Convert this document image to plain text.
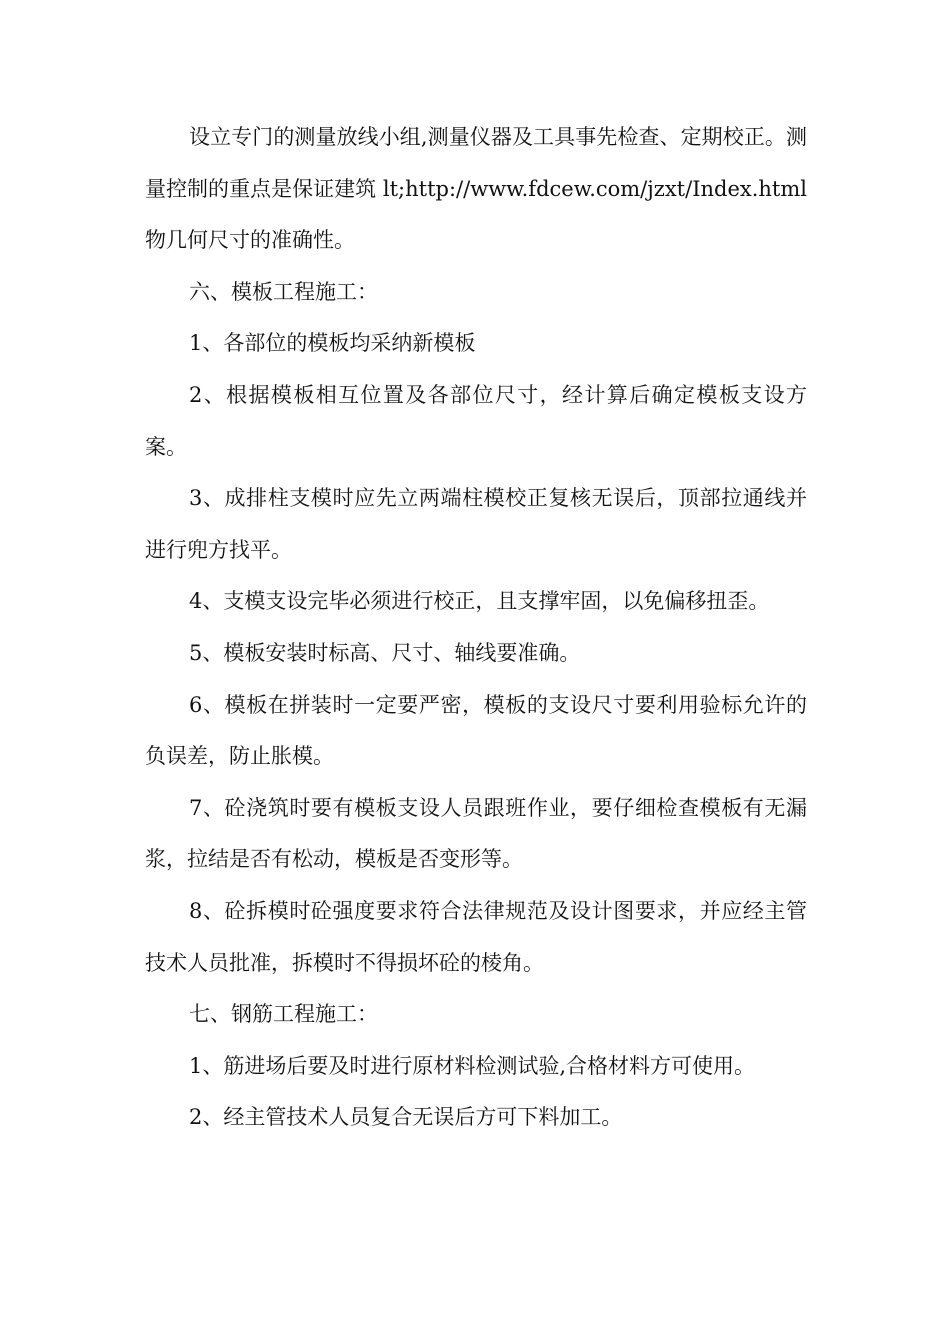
设立专门的测量放线小组,测量仪器及工具事先检查、定期校正。测量控制的重点是保证建筑 lt;http://www.fdcew.com/jzxt/Index.html 物几何尺寸的准确性。

六、模板工程施工：

1、各部位的模板均采纳新模板

2、根据模板相互位置及各部位尺寸，经计算后确定模板支设方案。

3、成排柱支模时应先立两端柱模校正复核无误后，顶部拉通线并进行兜方找平。

4、支模支设完毕必须进行校正，且支撑牢固，以免偏移扭歪。

5、模板安装时标高、尺寸、轴线要准确。

6、模板在拼装时一定要严密，模板的支设尺寸要利用验标允许的负误差，防止胀模。

7、砼浇筑时要有模板支设人员跟班作业，要仔细检查模板有无漏浆，拉结是否有松动，模板是否变形等。

8、砼拆模时砼强度要求符合法律规范及设计图要求，并应经主管技术人员批准，拆模时不得损坏砼的棱角。

七、钢筋工程施工：

1、筋进场后要及时进行原材料检测试验,合格材料方可使用。

2、经主管技术人员复合无误后方可下料加工。
